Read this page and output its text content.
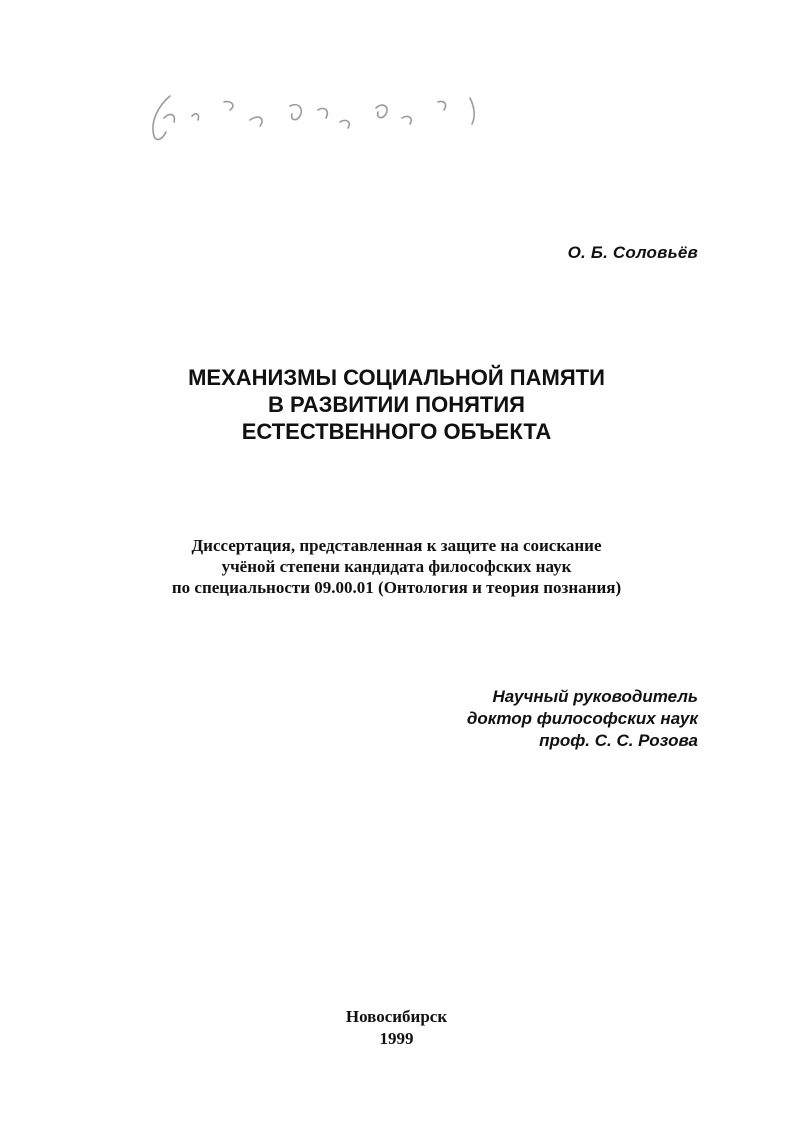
О. Б. Соловьёв
МЕХАНИЗМЫ СОЦИАЛЬНОЙ ПАМЯТИ
В РАЗВИТИИ ПОНЯТИЯ
ЕСТЕСТВЕННОГО ОБЪЕКТА
Диссертация, представленная к защите на соискание
учёной степени кандидата философских наук
по специальности 09.00.01 (Онтология и теория познания)
Научный руководитель
доктор философских наук
проф. С. С. Розова
Новосибирск
1999
